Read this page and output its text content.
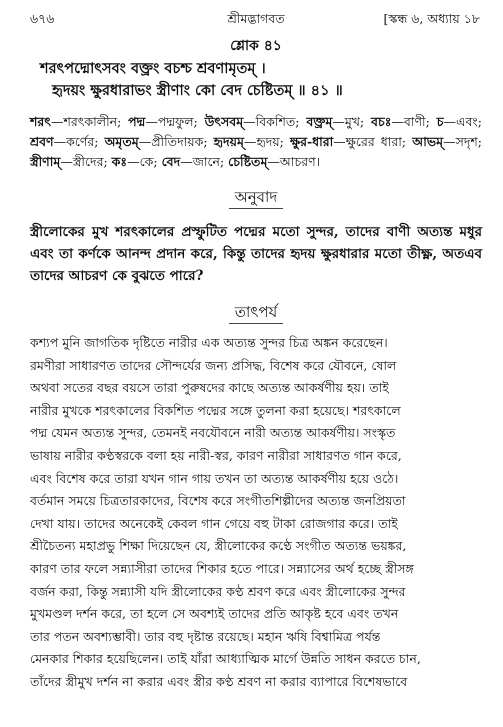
৬৭৬	শ্রীমদ্ভাগবত	[স্কন্ধ ৬, অধ্যায় ১৮
শ্লোক ৪১
শরৎপদ্মোৎসবং বক্ত্রং বচশ্চ শ্রবণামৃতম্ ।
হৃদয়ং ক্ষুরধারাভং স্ত্রীণাং কো বেদ চেষ্টিতম্ ॥ ৪১ ॥
শরৎ—শরৎকালীন; পদ্ম—পদ্মফুল; উৎসবম্—বিকশিত; বক্ত্রম্—মুখ; বচঃ—বাণী; চ—এবং; শ্রবণ—কর্ণের; অমৃতম্—প্রীতিদায়ক; হৃদয়ম্—হৃদয়; ক্ষুর-ধারা—ক্ষুরের ধারা; আভম্—সদৃশ; স্ত্রীণাম্—স্ত্রীদের; কঃ—কে; বেদ—জানে; চেষ্টিতম্—আচরণ।
অনুবাদ
স্ত্রীলোকের মুখ শরৎকালের প্রস্ফুটিত পদ্মের মতো সুন্দর, তাদের বাণী অত্যন্ত মধুর এবং তা কর্ণকে আনন্দ প্রদান করে, কিন্তু তাদের হৃদয় ক্ষুরধারার মতো তীক্ষ্ণ, অতএব তাদের আচরণ কে বুঝতে পারে?
তাৎপর্য
কশ্যপ মুনি জাগতিক দৃষ্টিতে নারীর এক অত্যন্ত সুন্দর চিত্র অঙ্কন করেছেন।
রমণীরা সাধারণত তাদের সৌন্দর্যের জন্য প্রসিদ্ধ, বিশেষ করে যৌবনে, ষোল
অথবা সতের বছর বয়সে তারা পুরুষদের কাছে অত্যন্ত আকর্ষণীয় হয়। তাই
নারীর মুখকে শরৎকালের বিকশিত পদ্মের সঙ্গে তুলনা করা হয়েছে। শরৎকালে
পদ্ম যেমন অত্যন্ত সুন্দর, তেমনই নবযৌবনে নারী অত্যন্ত আকর্ষণীয়। সংস্কৃত
ভাষায় নারীর কণ্ঠস্বরকে বলা হয় নারী-স্বর, কারণ নারীরা সাধারণত গান করে,
এবং বিশেষ করে তারা যখন গান গায় তখন তা অত্যন্ত আকর্ষণীয় হয়ে ওঠে।
বর্তমান সময়ে চিত্রতারকাদের, বিশেষ করে সংগীতশিল্পীদের অত্যন্ত জনপ্রিয়তা
দেখা যায়। তাদের অনেকেই কেবল গান গেয়ে বহু টাকা রোজগার করে। তাই
শ্রীচৈতন্য মহাপ্রভু শিক্ষা দিয়েছেন যে, স্ত্রীলোকের কণ্ঠে সংগীত অত্যন্ত ভয়ঙ্কর,
কারণ তার ফলে সন্ন্যাসীরা তাদের শিকার হতে পারে। সন্ন্যাসের অর্থ হচ্ছে স্ত্রীসঙ্গ
বর্জন করা, কিন্তু সন্ন্যাসী যদি স্ত্রীলোকের কণ্ঠ শ্রবণ করে এবং স্ত্রীলোকের সুন্দর
মুখমণ্ডল দর্শন করে, তা হলে সে অবশ্যই তাদের প্রতি আকৃষ্ট হবে এবং তখন
তার পতন অবশ্যম্ভাবী। তার বহু দৃষ্টান্ত রয়েছে। মহান ঋষি বিশ্বামিত্র পর্যন্ত
মেনকার শিকার হয়েছিলেন। তাই যাঁরা আধ্যাত্মিক মার্গে উন্নতি সাধন করতে চান,
তাঁদের স্ত্রীমুখ দর্শন না করার এবং স্ত্রীর কণ্ঠ শ্রবণ না করার ব্যাপারে বিশেষভাবে
